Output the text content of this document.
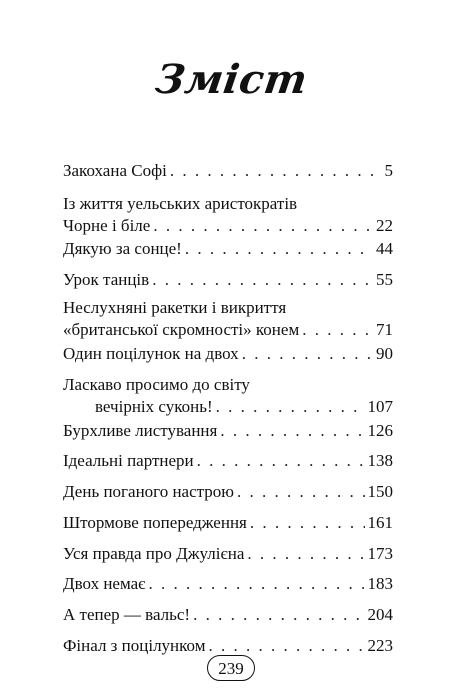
Зміст
Закохана Софі . . .	5
Із життя уельських аристократів
Чорне і біле . . .	22
Дякую за сонце! . . .	44
Урок танців . . .	55
Неслухняні ракетки і викриття
«британської скромності» конем . . .	71
Один поцілунок на двох . . .	90
Ласкаво просимо до світу
вечірніх суконь! . . .	107
Бурхливе листування . . .	126
Ідеальні партнери . . .	138
День поганого настрою . . .	150
Штормове попередження . . .	161
Уся правда про Джулієна . . .	173
Двох немає . . .	183
А тепер — вальс! . . .	204
Фінал з поцілунком . . .	223
239
